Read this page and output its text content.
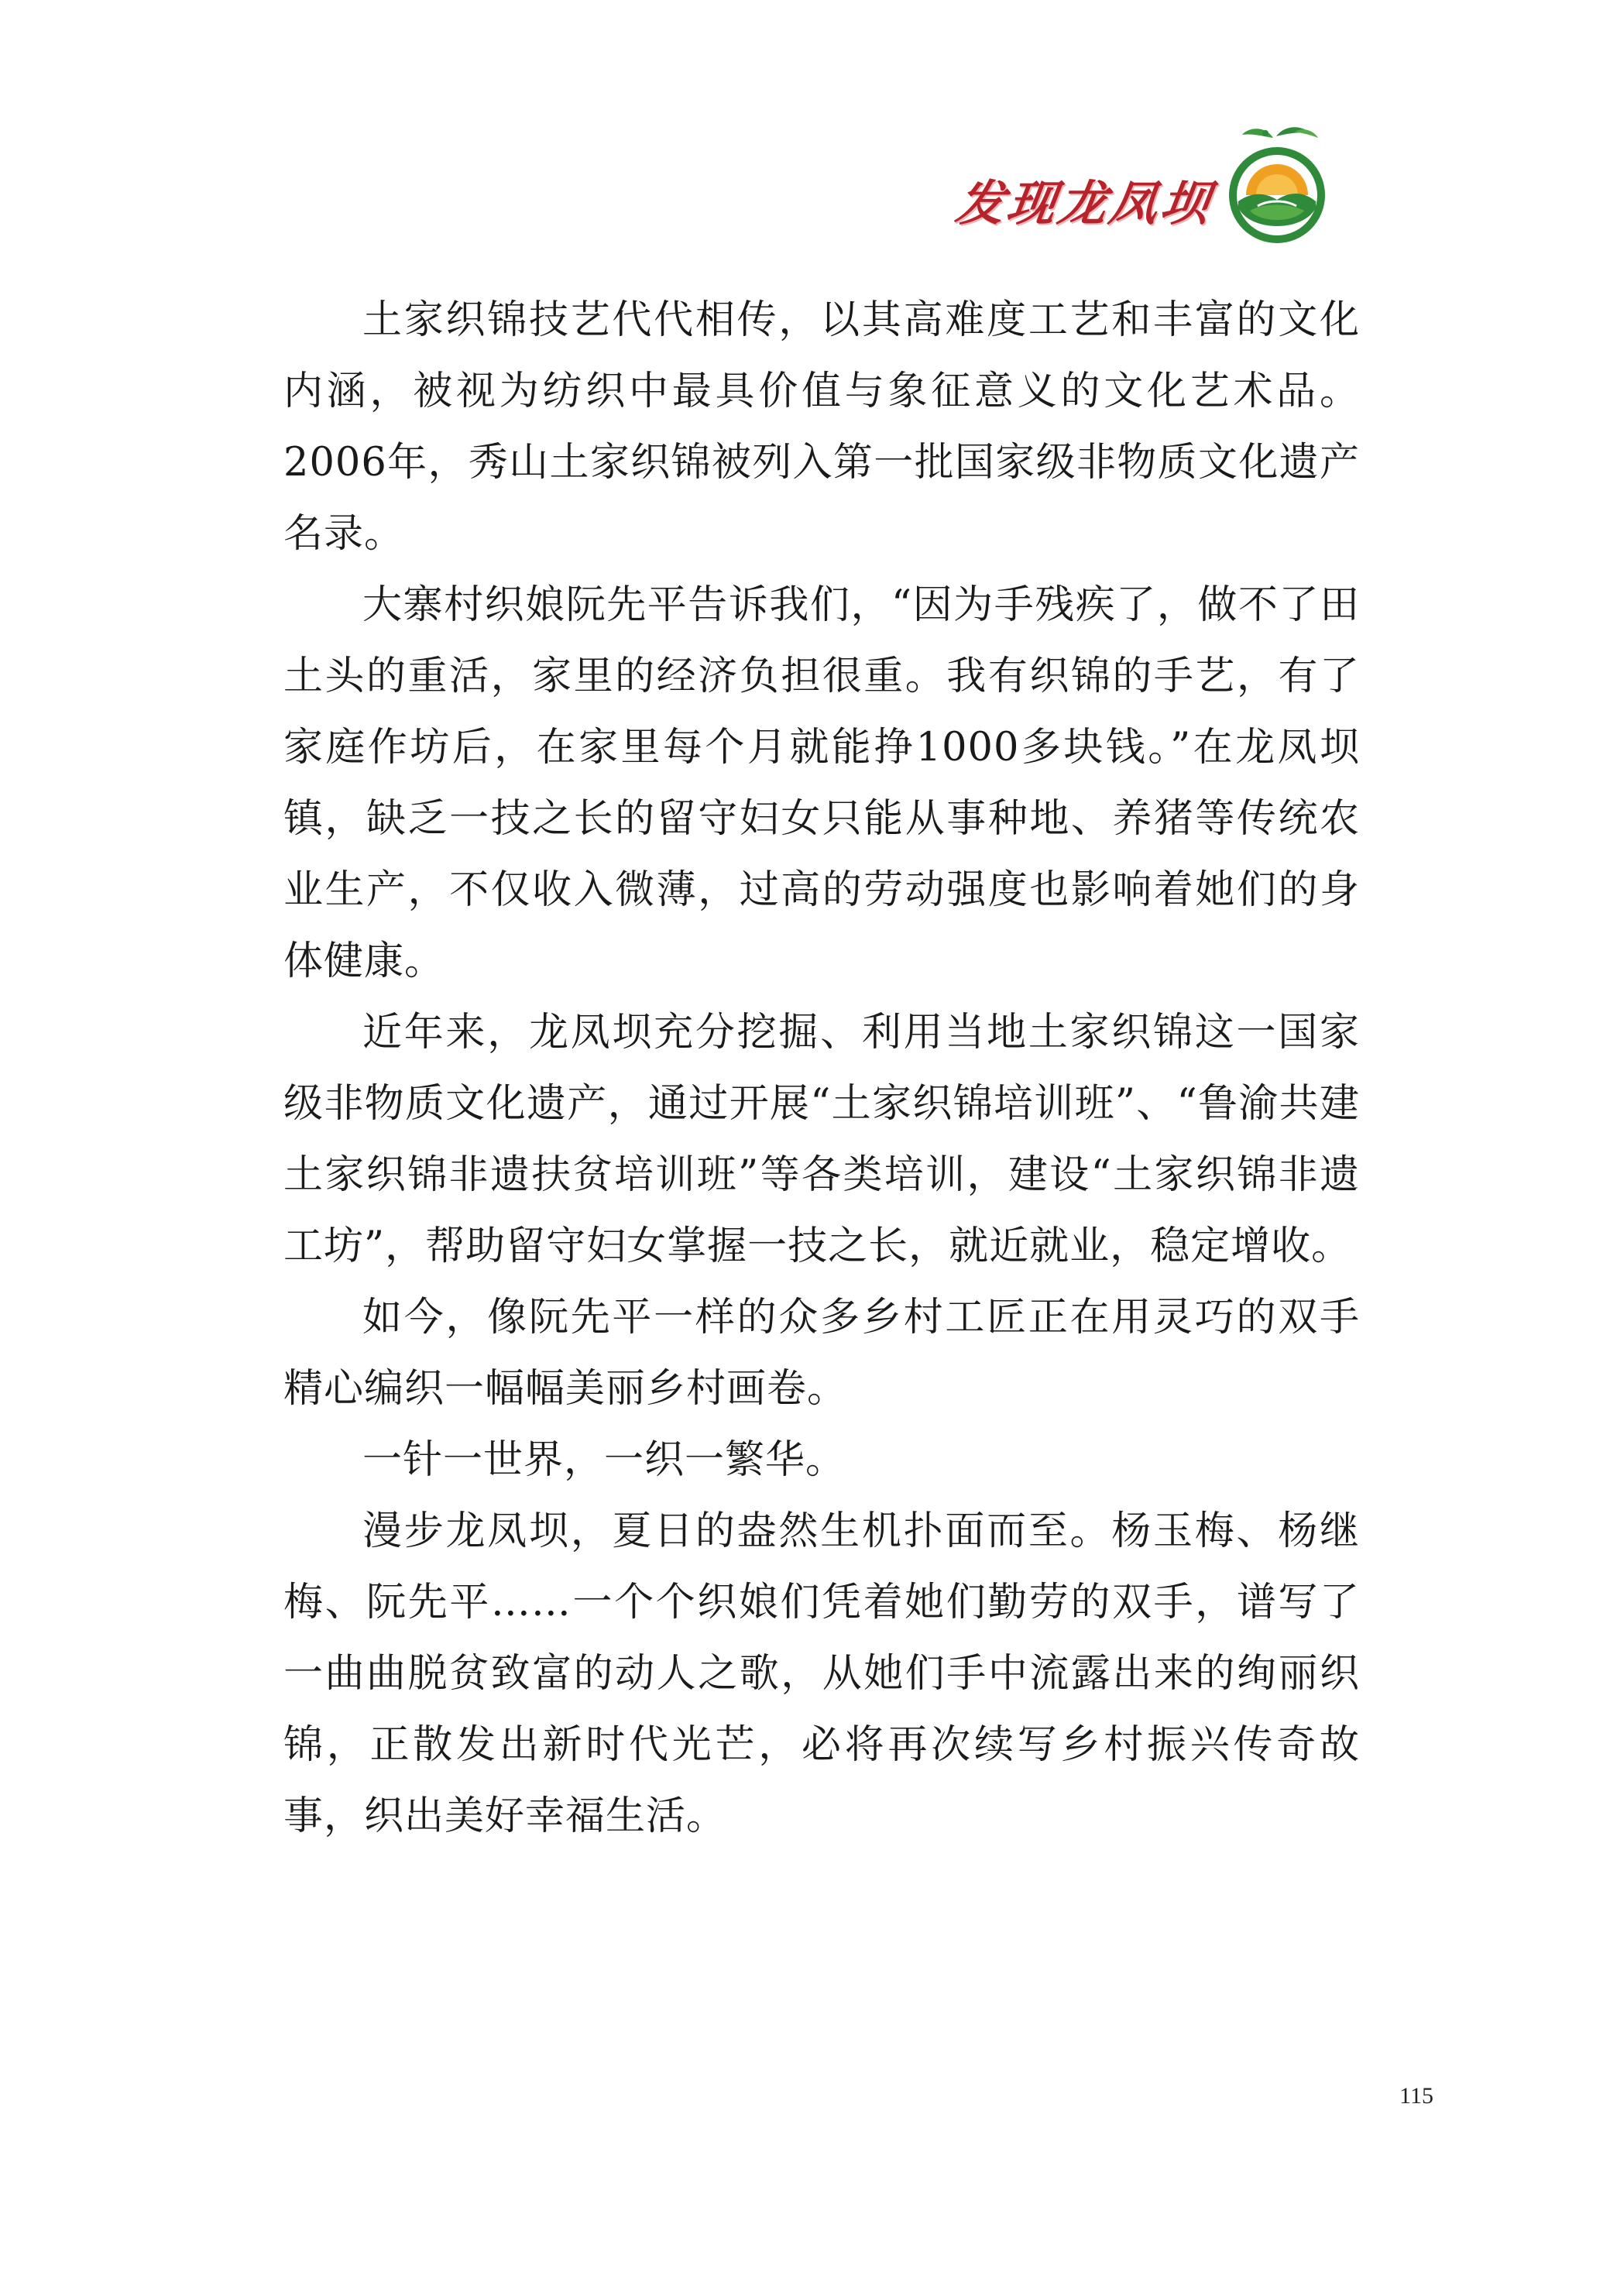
发现龙凤坝

土家织锦技艺代代相传，以其高难度工艺和丰富的文化内涵，被视为纺织中最具价值与象征意义的文化艺术品。2006年，秀山土家织锦被列入第一批国家级非物质文化遗产名录。

大寨村织娘阮先平告诉我们，“因为手残疾了，做不了田土头的重活，家里的经济负担很重。我有织锦的手艺，有了家庭作坊后，在家里每个月就能挣1000多块钱。”在龙凤坝镇，缺乏一技之长的留守妇女只能从事种地、养猪等传统农业生产，不仅收入微薄，过高的劳动强度也影响着她们的身体健康。

近年来，龙凤坝充分挖掘、利用当地土家织锦这一国家级非物质文化遗产，通过开展“土家织锦培训班”、“鲁渝共建土家织锦非遗扶贫培训班”等各类培训，建设“土家织锦非遗工坊”，帮助留守妇女掌握一技之长，就近就业，稳定增收。

如今，像阮先平一样的众多乡村工匠正在用灵巧的双手精心编织一幅幅美丽乡村画卷。

一针一世界，一织一繁华。

漫步龙凤坝，夏日的盎然生机扑面而至。杨玉梅、杨继梅、阮先平……一个个织娘们凭着她们勤劳的双手，谱写了一曲曲脱贫致富的动人之歌，从她们手中流露出来的绚丽织锦，正散发出新时代光芒，必将再次续写乡村振兴传奇故事，织出美好幸福生活。

115
